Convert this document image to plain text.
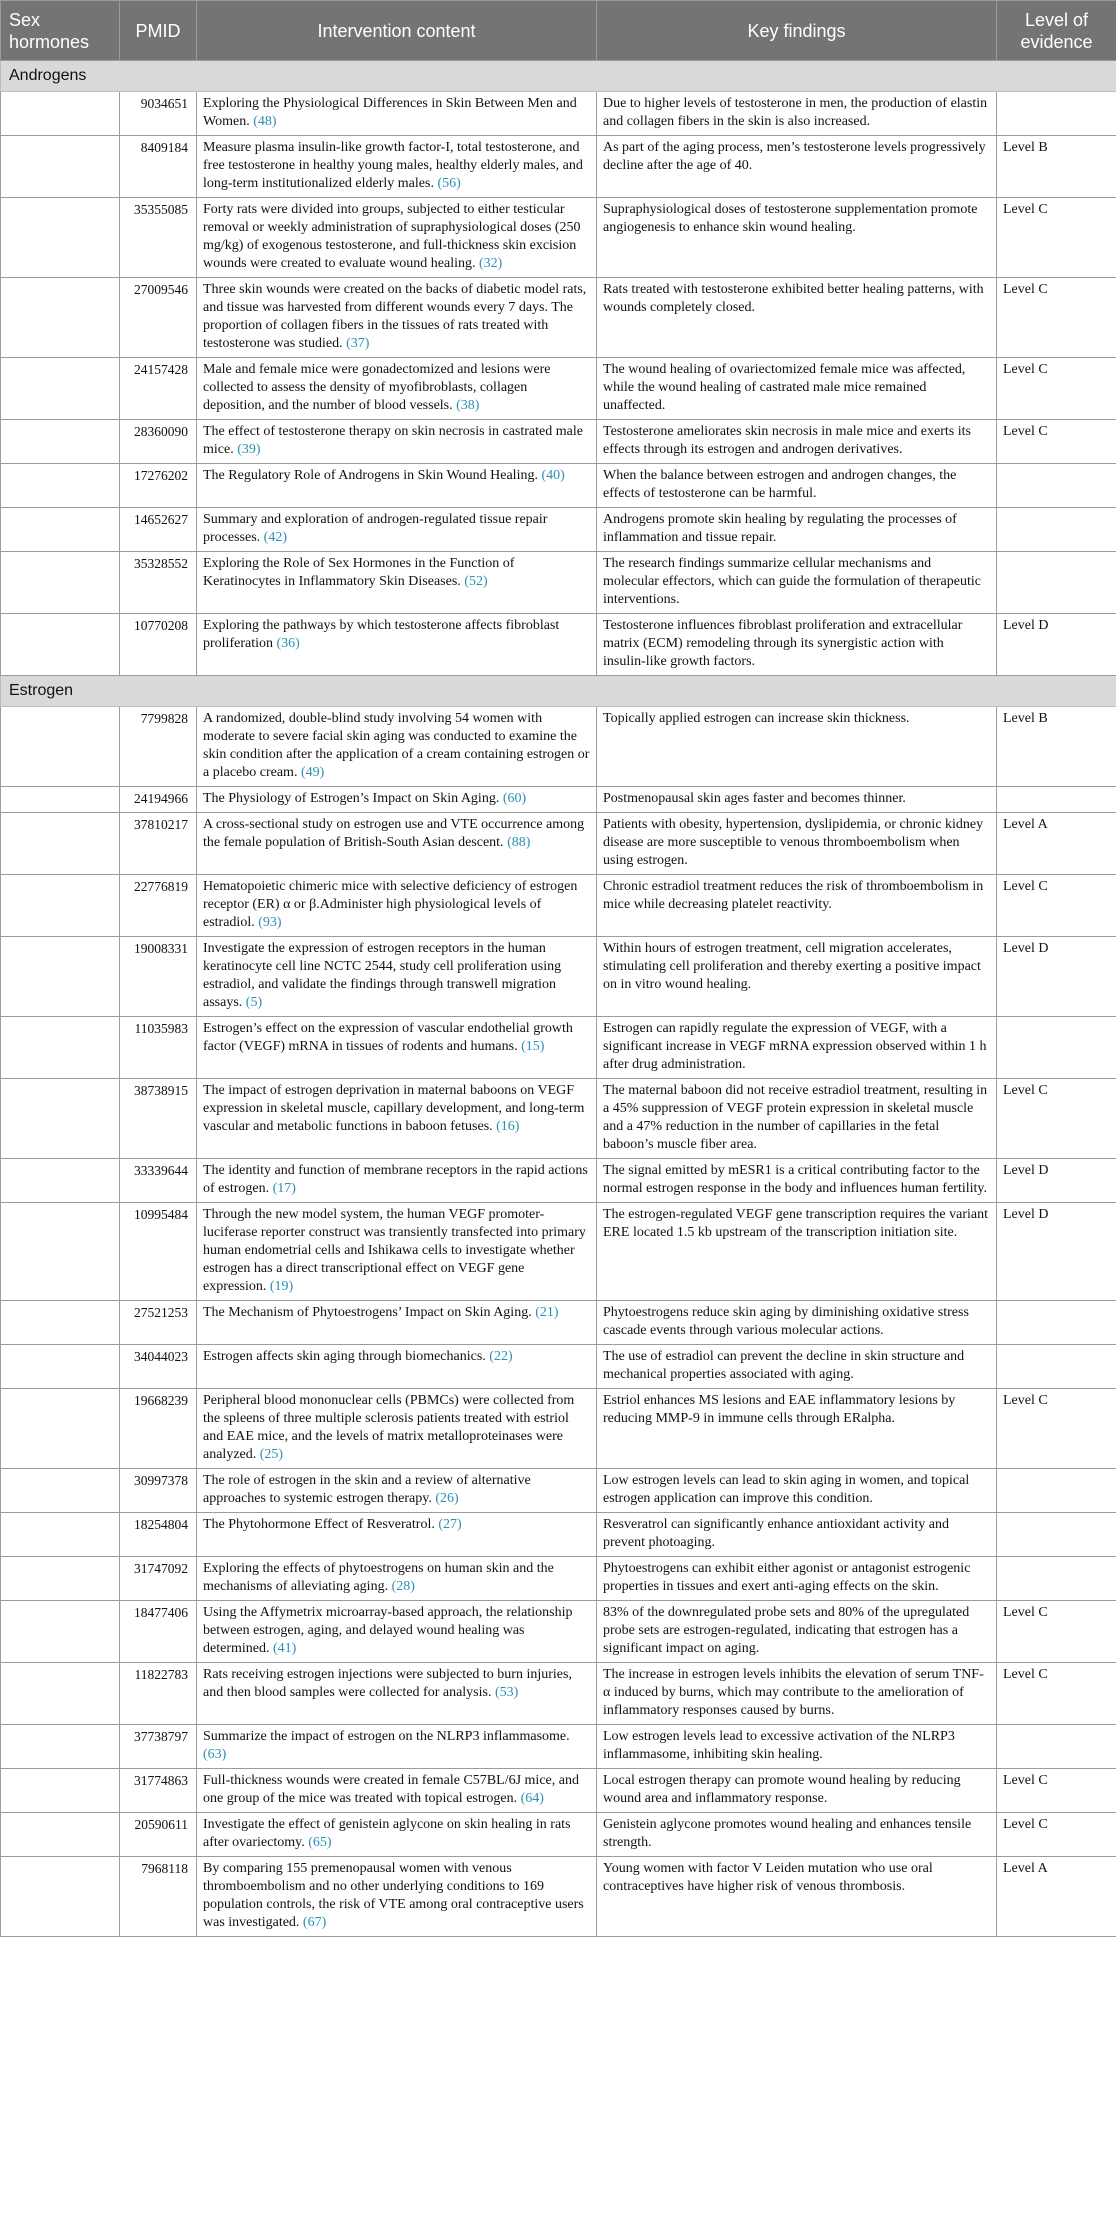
Sex hormones	PMID	Intervention content	Key findings	Level of evidence
Androgens				
	9034651	Exploring the Physiological Differences in Skin Between Men and Women. (48)	Due to higher levels of testosterone in men, the production of elastin and collagen fibers in the skin is also increased.	
	8409184	Measure plasma insulin-like growth factor-I, total testosterone, and free testosterone in healthy young males, healthy elderly males, and long-term institutionalized elderly males. (56)	As part of the aging process, men’s testosterone levels progressively decline after the age of 40.	Level B
	35355085	Forty rats were divided into groups, subjected to either testicular removal or weekly administration of supraphysiological doses (250 mg/kg) of exogenous testosterone, and full-thickness skin excision wounds were created to evaluate wound healing. (32)	Supraphysiological doses of testosterone supplementation promote angiogenesis to enhance skin wound healing.	Level C
	27009546	Three skin wounds were created on the backs of diabetic model rats, and tissue was harvested from different wounds every 7 days. The proportion of collagen fibers in the tissues of rats treated with testosterone was studied. (37)	Rats treated with testosterone exhibited better healing patterns, with wounds completely closed.	Level C
	24157428	Male and female mice were gonadectomized and lesions were collected to assess the density of myofibroblasts, collagen deposition, and the number of blood vessels. (38)	The wound healing of ovariectomized female mice was affected, while the wound healing of castrated male mice remained unaffected.	Level C
	28360090	The effect of testosterone therapy on skin necrosis in castrated male mice. (39)	Testosterone ameliorates skin necrosis in male mice and exerts its effects through its estrogen and androgen derivatives.	Level C
	17276202	The Regulatory Role of Androgens in Skin Wound Healing. (40)	When the balance between estrogen and androgen changes, the effects of testosterone can be harmful.	
	14652627	Summary and exploration of androgen-regulated tissue repair processes. (42)	Androgens promote skin healing by regulating the processes of inflammation and tissue repair.	
	35328552	Exploring the Role of Sex Hormones in the Function of Keratinocytes in Inflammatory Skin Diseases. (52)	The research findings summarize cellular mechanisms and molecular effectors, which can guide the formulation of therapeutic interventions.	
	10770208	Exploring the pathways by which testosterone affects fibroblast proliferation (36)	Testosterone influences fibroblast proliferation and extracellular matrix (ECM) remodeling through its synergistic action with insulin-like growth factors.	Level D
Estrogen				
	7799828	A randomized, double-blind study involving 54 women with moderate to severe facial skin aging was conducted to examine the skin condition after the application of a cream containing estrogen or a placebo cream. (49)	Topically applied estrogen can increase skin thickness.	Level B
	24194966	The Physiology of Estrogen’s Impact on Skin Aging. (60)	Postmenopausal skin ages faster and becomes thinner.	
	37810217	A cross-sectional study on estrogen use and VTE occurrence among the female population of British-South Asian descent. (88)	Patients with obesity, hypertension, dyslipidemia, or chronic kidney disease are more susceptible to venous thromboembolism when using estrogen.	Level A
	22776819	Hematopoietic chimeric mice with selective deficiency of estrogen receptor (ER) α or β.Administer high physiological levels of estradiol. (93)	Chronic estradiol treatment reduces the risk of thromboembolism in mice while decreasing platelet reactivity.	Level C
	19008331	Investigate the expression of estrogen receptors in the human keratinocyte cell line NCTC 2544, study cell proliferation using estradiol, and validate the findings through transwell migration assays. (5)	Within hours of estrogen treatment, cell migration accelerates, stimulating cell proliferation and thereby exerting a positive impact on in vitro wound healing.	Level D
	11035983	Estrogen’s effect on the expression of vascular endothelial growth factor (VEGF) mRNA in tissues of rodents and humans. (15)	Estrogen can rapidly regulate the expression of VEGF, with a significant increase in VEGF mRNA expression observed within 1 h after drug administration.	
	38738915	The impact of estrogen deprivation in maternal baboons on VEGF expression in skeletal muscle, capillary development, and long-term vascular and metabolic functions in baboon fetuses. (16)	The maternal baboon did not receive estradiol treatment, resulting in a 45% suppression of VEGF protein expression in skeletal muscle and a 47% reduction in the number of capillaries in the fetal baboon’s muscle fiber area.	Level C
	33339644	The identity and function of membrane receptors in the rapid actions of estrogen. (17)	The signal emitted by mESR1 is a critical contributing factor to the normal estrogen response in the body and influences human fertility.	Level D
	10995484	Through the new model system, the human VEGF promoter-luciferase reporter construct was transiently transfected into primary human endometrial cells and Ishikawa cells to investigate whether estrogen has a direct transcriptional effect on VEGF gene expression. (19)	The estrogen-regulated VEGF gene transcription requires the variant ERE located 1.5 kb upstream of the transcription initiation site.	Level D
	27521253	The Mechanism of Phytoestrogens’ Impact on Skin Aging. (21)	Phytoestrogens reduce skin aging by diminishing oxidative stress cascade events through various molecular actions.	
	34044023	Estrogen affects skin aging through biomechanics. (22)	The use of estradiol can prevent the decline in skin structure and mechanical properties associated with aging.	
	19668239	Peripheral blood mononuclear cells (PBMCs) were collected from the spleens of three multiple sclerosis patients treated with estriol and EAE mice, and the levels of matrix metalloproteinases were analyzed. (25)	Estriol enhances MS lesions and EAE inflammatory lesions by reducing MMP-9 in immune cells through ERalpha.	Level C
	30997378	The role of estrogen in the skin and a review of alternative approaches to systemic estrogen therapy. (26)	Low estrogen levels can lead to skin aging in women, and topical estrogen application can improve this condition.	
	18254804	The Phytohormone Effect of Resveratrol. (27)	Resveratrol can significantly enhance antioxidant activity and prevent photoaging.	
	31747092	Exploring the effects of phytoestrogens on human skin and the mechanisms of alleviating aging. (28)	Phytoestrogens can exhibit either agonist or antagonist estrogenic properties in tissues and exert anti-aging effects on the skin.	
	18477406	Using the Affymetrix microarray-based approach, the relationship between estrogen, aging, and delayed wound healing was determined. (41)	83% of the downregulated probe sets and 80% of the upregulated probe sets are estrogen-regulated, indicating that estrogen has a significant impact on aging.	Level C
	11822783	Rats receiving estrogen injections were subjected to burn injuries, and then blood samples were collected for analysis. (53)	The increase in estrogen levels inhibits the elevation of serum TNF-α induced by burns, which may contribute to the amelioration of inflammatory responses caused by burns.	Level C
	37738797	Summarize the impact of estrogen on the NLRP3 inflammasome. (63)	Low estrogen levels lead to excessive activation of the NLRP3 inflammasome, inhibiting skin healing.	
	31774863	Full-thickness wounds were created in female C57BL/6J mice, and one group of the mice was treated with topical estrogen. (64)	Local estrogen therapy can promote wound healing by reducing wound area and inflammatory response.	Level C
	20590611	Investigate the effect of genistein aglycone on skin healing in rats after ovariectomy. (65)	Genistein aglycone promotes wound healing and enhances tensile strength.	Level C
	7968118	By comparing 155 premenopausal women with venous thromboembolism and no other underlying conditions to 169 population controls, the risk of VTE among oral contraceptive users was investigated. (67)	Young women with factor V Leiden mutation who use oral contraceptives have higher risk of venous thrombosis.	Level A
